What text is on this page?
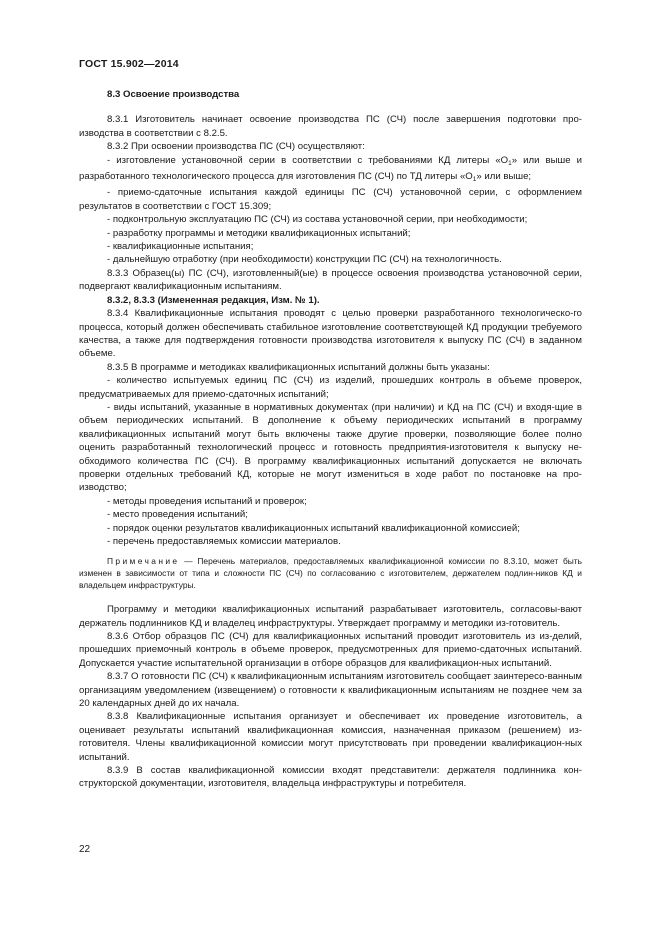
ГОСТ 15.902—2014
8.3 Освоение производства

8.3.1 Изготовитель начинает освоение производства ПС (СЧ) после завершения подготовки про-изводства в соответствии с 8.2.5.

8.3.2 При освоении производства ПС (СЧ) осуществляют:

- изготовление установочной серии в соответствии с требованиями КД литеры «$О_1$» или выше и разработанного технологического процесса для изготовления ПС (СЧ) по ТД литеры «$О_1$» или выше;

- приемо-сдаточные испытания каждой единицы ПС (СЧ) установочной серии, с оформлением результатов в соответствии с ГОСТ 15.309;

- подконтрольную эксплуатацию ПС (СЧ) из состава установочной серии, при необходимости;

- разработку программы и методики квалификационных испытаний;

- квалификационные испытания;

- дальнейшую отработку (при необходимости) конструкции ПС (СЧ) на технологичность.

8.3.3 Образец(ы) ПС (СЧ), изготовленный(ые) в процессе освоения производства установочной серии, подвергают квалификационным испытаниям.

8.3.2, 8.3.3 (Измененная редакция, Изм. № 1).

8.3.4 Квалификационные испытания проводят с целью проверки разработанного технологическо-го процесса, который должен обеспечивать стабильное изготовление соответствующей КД продукции требуемого качества, а также для подтверждения готовности производства изготовителя к выпуску ПС (СЧ) в заданном объеме.

8.3.5 В программе и методиках квалификационных испытаний должны быть указаны:

- количество испытуемых единиц ПС (СЧ) из изделий, прошедших контроль в объеме проверок, предусматриваемых для приемо-сдаточных испытаний;

- виды испытаний, указанные в нормативных документах (при наличии) и КД на ПС (СЧ) и входя-щие в объем периодических испытаний. В дополнение к объему периодических испытаний в программу квалификационных испытаний могут быть включены также другие проверки, позволяющие более полно оценить разработанный технологический процесс и готовность предприятия-изготовителя к выпуску не-обходимого количества ПС (СЧ). В программу квалификационных испытаний допускается не включать проверки отдельных требований КД, которые не могут измениться в ходе работ по постановке на про-изводство;

- методы проведения испытаний и проверок;

- место проведения испытаний;

- порядок оценки результатов квалификационных испытаний квалификационной комиссией;

- перечень предоставляемых комиссии материалов.

Примечание — Перечень материалов, предоставляемых квалификационной комиссии по 8.3.10, может быть изменен в зависимости от типа и сложности ПС (СЧ) по согласованию с изготовителем, держателем подлин-ников КД и владельцем инфраструктуры.

Программу и методики квалификационных испытаний разрабатывает изготовитель, согласовы-вают держатель подлинников КД и владелец инфраструктуры. Утверждает программу и методики из-готовитель.

8.3.6 Отбор образцов ПС (СЧ) для квалификационных испытаний проводит изготовитель из из-делий, прошедших приемочный контроль в объеме проверок, предусмотренных для приемо-сдаточных испытаний. Допускается участие испытательной организации в отборе образцов для квалификацион-ных испытаний.

8.3.7 О готовности ПС (СЧ) к квалификационным испытаниям изготовитель сообщает заинтересо-ванным организациям уведомлением (извещением) о готовности к квалификационным испытаниям не позднее чем за 20 календарных дней до их начала.

8.3.8 Квалификационные испытания организует и обеспечивает их проведение изготовитель, а оценивает результаты испытаний квалификационная комиссия, назначенная приказом (решением) из-готовителя. Члены квалификационной комиссии могут присутствовать при проведении квалификацион-ных испытаний.

8.3.9 В состав квалификационной комиссии входят представители: держателя подлинника кон-структорской документации, изготовителя, владельца инфраструктуры и потребителя.

22
